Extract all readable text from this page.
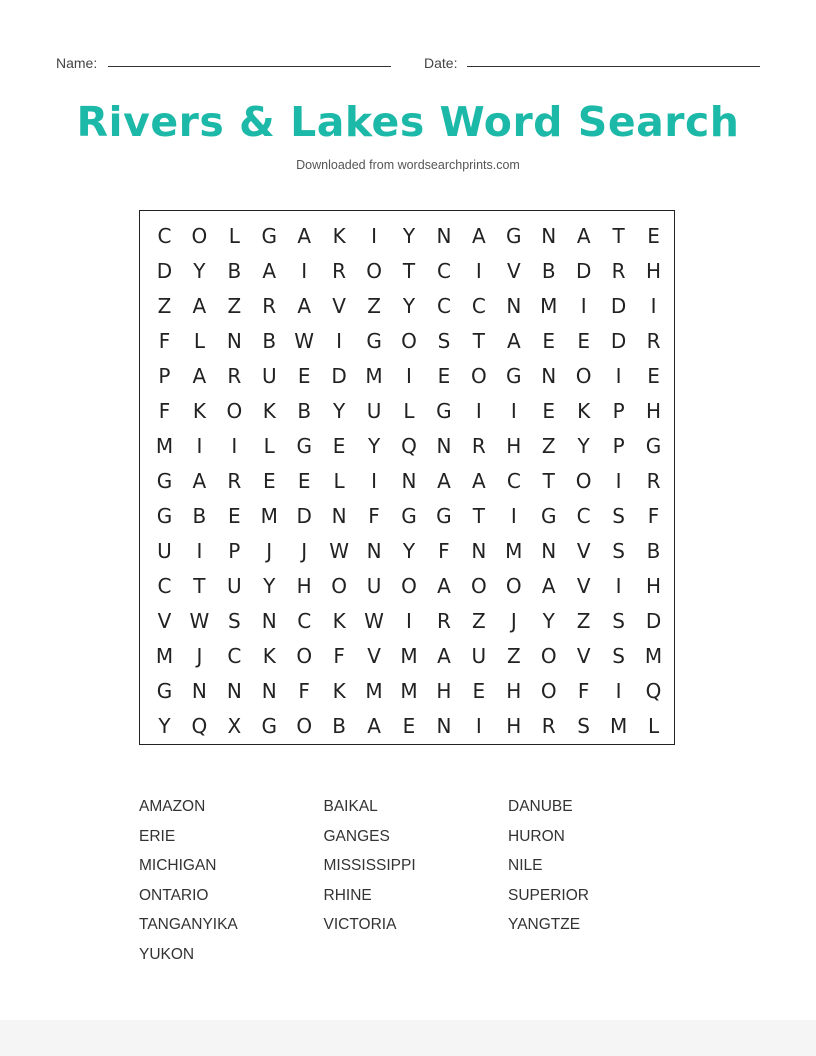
Name:	Date:
Rivers & Lakes Word Search
Downloaded from wordsearchprints.com
C	O	L	G	A	K	I	Y	N	A	G N	A	T	E
D	Y	B	A	I	R	O	T	C	I	V	B	D	R	H
Z	A	Z	R	A	V	Z	Y	C	C	N M	I	D	I
F	L	N	B W	I	G O	S	T	A	E	E	D	R
P	A	R	U	E	D M	I	E	O G N O	I	E
F	K	O	K	B	Y	U	L	G	I	I	E	K	P	H
M	I	I	L	G	E	Y	Q N	R	H	Z	Y	P	G
G	A	R	E	E	L	I	N	A	A	C	T	O	I	R
G	B	E M D N	F	G G	T	I	G	C	S	F
U	I	P	J	J	W N	Y	F	N M N	V	S	B
C	T	U	Y	H O U O	A	O O	A	V	I	H
V W S	N	C	K W	I	R	Z	J	Y	Z	S	D
M	J	C	K	O	F	V M A	U	Z	O	V	S M
G N N N	F	K M M H	E	H O	F	I	Q
Y	Q	X	G O	B	A	E	N	I	H	R	S M	L
AMAZON	BAIKAL	DANUBE
ERIE	GANGES	HURON
MICHIGAN	MISSISSIPPI	NILE
ONTARIO	RHINE	SUPERIOR
TANGANYIKA	VICTORIA	YANGTZE
YUKON
